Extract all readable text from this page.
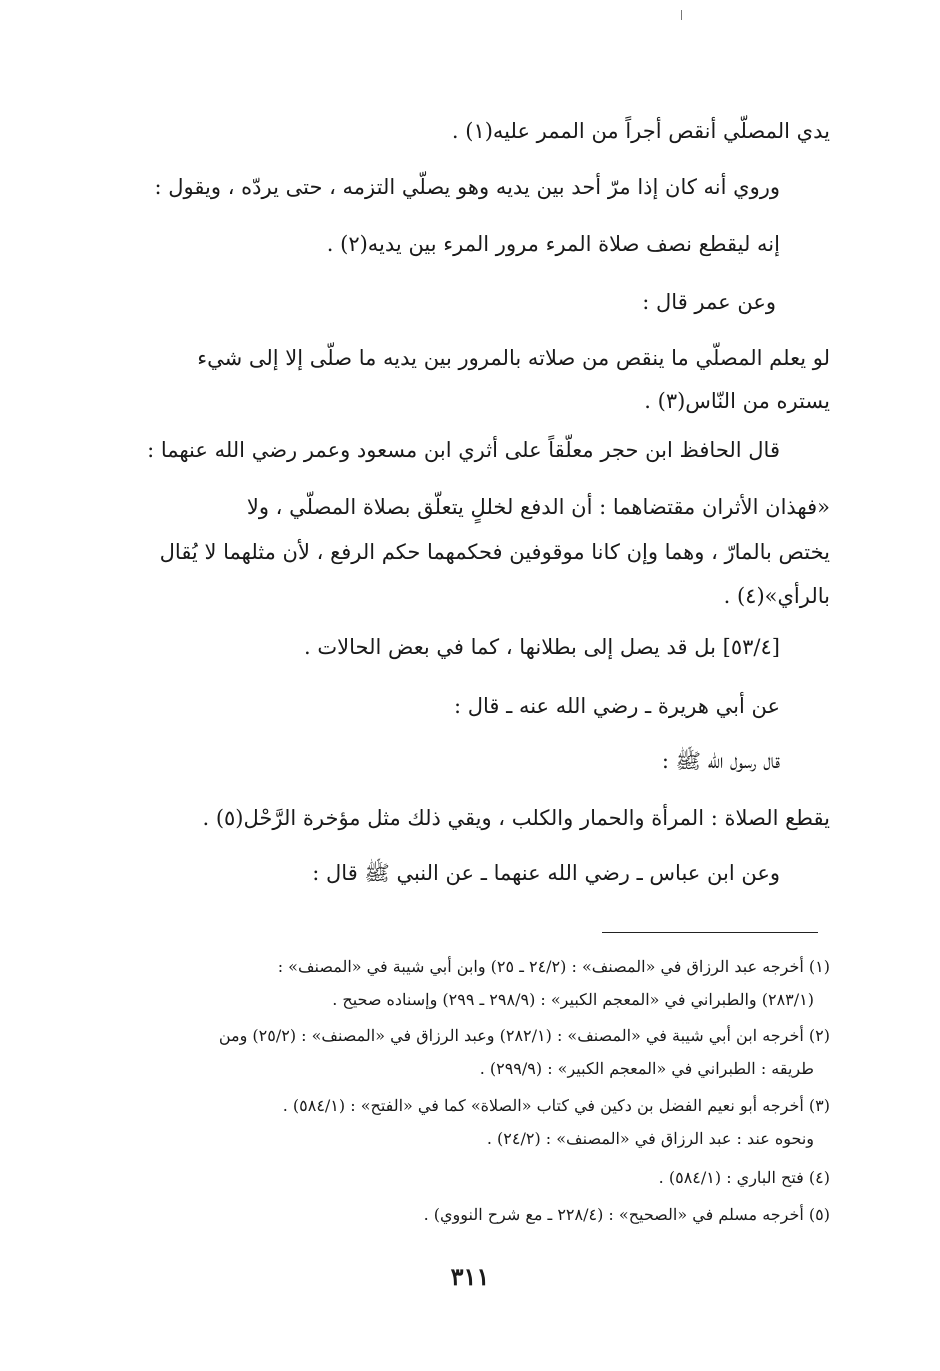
يدي المصلّي أنقص أجراً من الممر عليه(١) .
وروي أنه كان إذا مرّ أحد بين يديه وهو يصلّي التزمه ، حتى يردّه ، ويقول :
إنه ليقطع نصف صلاة المرء مرور المرء بين يديه(٢) .
وعن عمر قال :
لو يعلم المصلّي ما ينقص من صلاته بالمرور بين يديه ما صلّى إلا إلى شيء
يستره من النّاس(٣) .
قال الحافظ ابن حجر معلّقاً على أثري ابن مسعود وعمر رضي الله عنهما :
«فهذان الأثران مقتضاهما : أن الدفع لخللٍ يتعلّق بصلاة المصلّي ، ولا
يختص بالمارّ ، وهما وإن كانا موقوفين فحكمهما حكم الرفع ، لأن مثلهما لا يُقال
بالرأي»(٤) .
[٥٣/٤] بل قد يصل إلى بطلانها ، كما في بعض الحالات .
عن أبي هريرة ـ رضي الله عنه ـ قال :
قال رسول الله ﷺ :
يقطع الصلاة : المرأة والحمار والكلب ، ويقي ذلك مثل مؤخرة الرَّحْل(٥) .
وعن ابن عباس ـ رضي الله عنهما ـ عن النبي ﷺ قال :
(١) أخرجه عبد الرزاق في «المصنف» : (٢٤/٢ ـ ٢٥) وابن أبي شيبة في «المصنف» :
(٢٨٣/١) والطبراني في «المعجم الكبير» : (٢٩٨/٩ ـ ٢٩٩) وإسناده صحيح .
(٢) أخرجه ابن أبي شيبة في «المصنف» : (٢٨٢/١) وعبد الرزاق في «المصنف» : (٢٥/٢) ومن
طريقه : الطبراني في «المعجم الكبير» : (٢٩٩/٩) .
(٣) أخرجه أبو نعيم الفضل بن دكين في كتاب «الصلاة» كما في «الفتح» : (٥٨٤/١) .
ونحوه عند : عبد الرزاق في «المصنف» : (٢٤/٢) .
(٤) فتح الباري : (٥٨٤/١) .
(٥) أخرجه مسلم في «الصحيح» : (٢٢٨/٤ ـ مع شرح النووي) .
٣١١
